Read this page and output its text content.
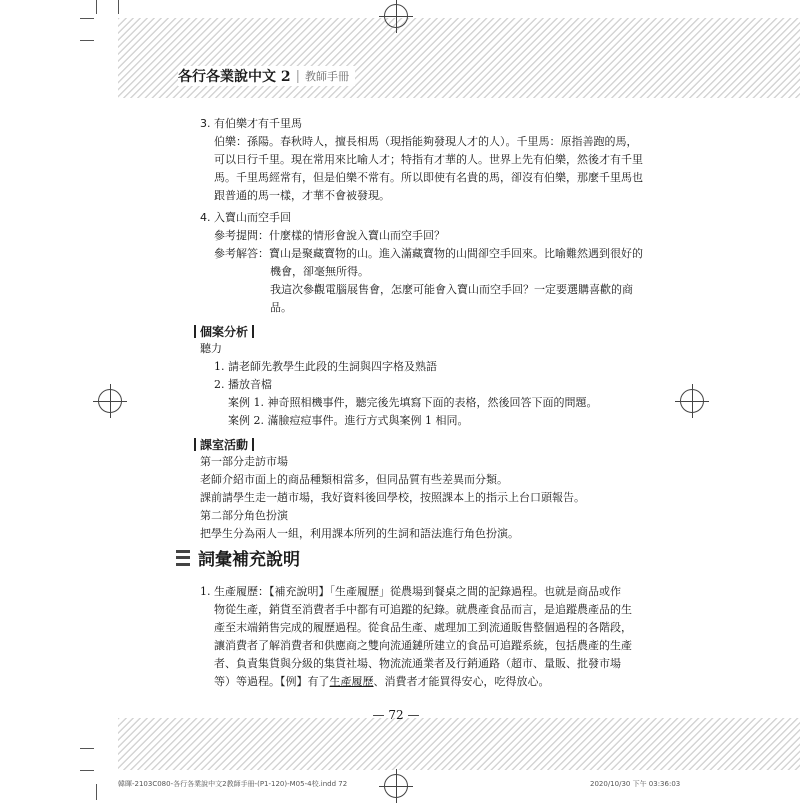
各行各業說中文 2 | 教師手冊
3. 有伯樂才有千里馬
伯樂：孫陽。春秋時人，擅長相馬（現指能夠發現人才的人）。千里馬：原指善跑的馬，
可以日行千里。現在常用來比喻人才；特指有才華的人。世界上先有伯樂，然後才有千里
馬。千里馬經常有，但是伯樂不常有。所以即使有名貴的馬，卻沒有伯樂，那麼千里馬也
跟普通的馬一樣，才華不會被發現。
4. 入寶山而空手回
參考提問：什麼樣的情形會說入寶山而空手回？
參考解答：寶山是聚藏寶物的山。進入滿藏寶物的山間卻空手回來。比喻難然遇到很好的
機會，卻毫無所得。
我這次參觀電腦展售會，怎麼可能會入寶山而空手回？一定要選購喜歡的商
品。
個案分析
聽力
1. 請老師先教學生此段的生詞與四字格及熟語
2. 播放音檔
案例 1. 神奇照相機事件，聽完後先填寫下面的表格，然後回答下面的問題。
案例 2. 滿臉痘痘事件。進行方式與案例 1 相同。
課室活動
第一部分走訪市場
老師介紹市面上的商品種類相當多，但同品質有些差異而分類。
課前請學生走一趟市場，我好資料後回學校，按照課本上的指示上台口頭報告。
第二部分角色扮演
把學生分為兩人一組，利用課本所列的生詞和語法進行角色扮演。
詞彙補充說明
1. 生產履歷：【補充說明】「生產履歷」從農場到餐桌之間的記錄過程。也就是商品或作
物從生產，銷貨至消費者手中都有可追蹤的紀錄。就農產食品而言，是追蹤農產品的生
產至末端銷售完成的履歷過程。從食品生產、處理加工到流通販售整個過程的各階段，
讓消費者了解消費者和供應商之雙向流通鏈所建立的食品可追蹤系統，包括農產的生產
者、負責集貨與分級的集貨社場、物流流通業者及行銷通路（超市、量販、批發市場
等）等過程。【例】有了生產履歷、消費者才能買得安心，吃得放心。
— 72 —
韓暉-2103C080-各行各業說中文2教師手冊-(P1-120)-M05-4校.indd 72	2020/10/30 下午 03:36:03
